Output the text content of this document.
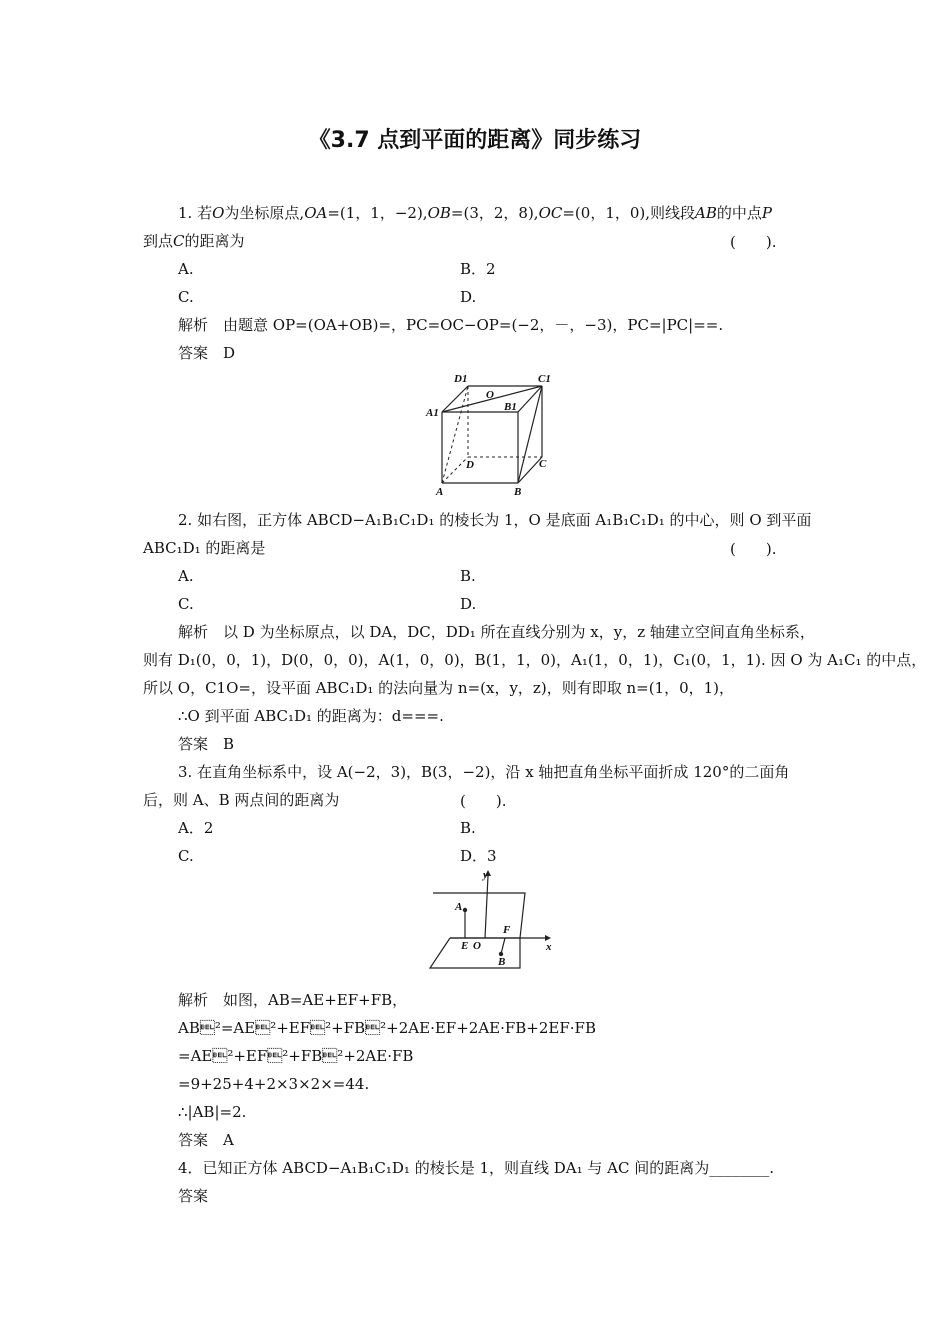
《3.7 点到平面的距离》同步练习
1. 若O为坐标原点,OA=(1，1，−2),OB=(3，2，8),OC=(0，1，0),则线段AB的中点P
到点C的距离为	(　　).
A.	B．2
C.	D.
解析　由题意 OP=(OA+OB)=，PC=OC−OP=(−2，－，−3)，PC=|PC|==.
答案　D
D1
O
C1
A1	B1
D	C
A	B
2. 如右图，正方体 ABCD−A₁B₁C₁D₁ 的棱长为 1，O 是底面 A₁B₁C₁D₁ 的中心，则 O 到平面
ABC₁D₁ 的距离是	(　　).
A.	B.
C.	D.
解析　以 D 为坐标原点，以 DA，DC，DD₁ 所在直线分别为 x，y，z 轴建立空间直角坐标系，
则有 D₁(0，0，1)，D(0，0，0)，A(1，0，0)，B(1，1，0)，A₁(1，0，1)，C₁(0，1，1). 因 O 为 A₁C₁ 的中点，
所以 O，C1O=，设平面 ABC₁D₁ 的法向量为 n=(x，y，z)，则有即取 n=(1，0，1)，
∴O 到平面 ABC₁D₁ 的距离为：d===.
答案　B
3. 在直角坐标系中，设 A(−2，3)，B(3，−2)，沿 x 轴把直角坐标平面折成 120°的二面角
后，则 A、B 两点间的距离为	(　　).
A．2	B.
C.	D．3
y
A
E O
F
x
B
解析　如图，AB=AE+EF+FB，
AB²=AE²+EF²+FB²+2AE·EF+2AE·FB+2EF·FB
=AE²+EF²+FB²+2AE·FB
=9+25+4+2×3×2×=44.
∴|AB|=2.
答案　A
4．已知正方体 ABCD−A₁B₁C₁D₁ 的棱长是 1，则直线 DA₁ 与 AC 间的距离为________.
答案
